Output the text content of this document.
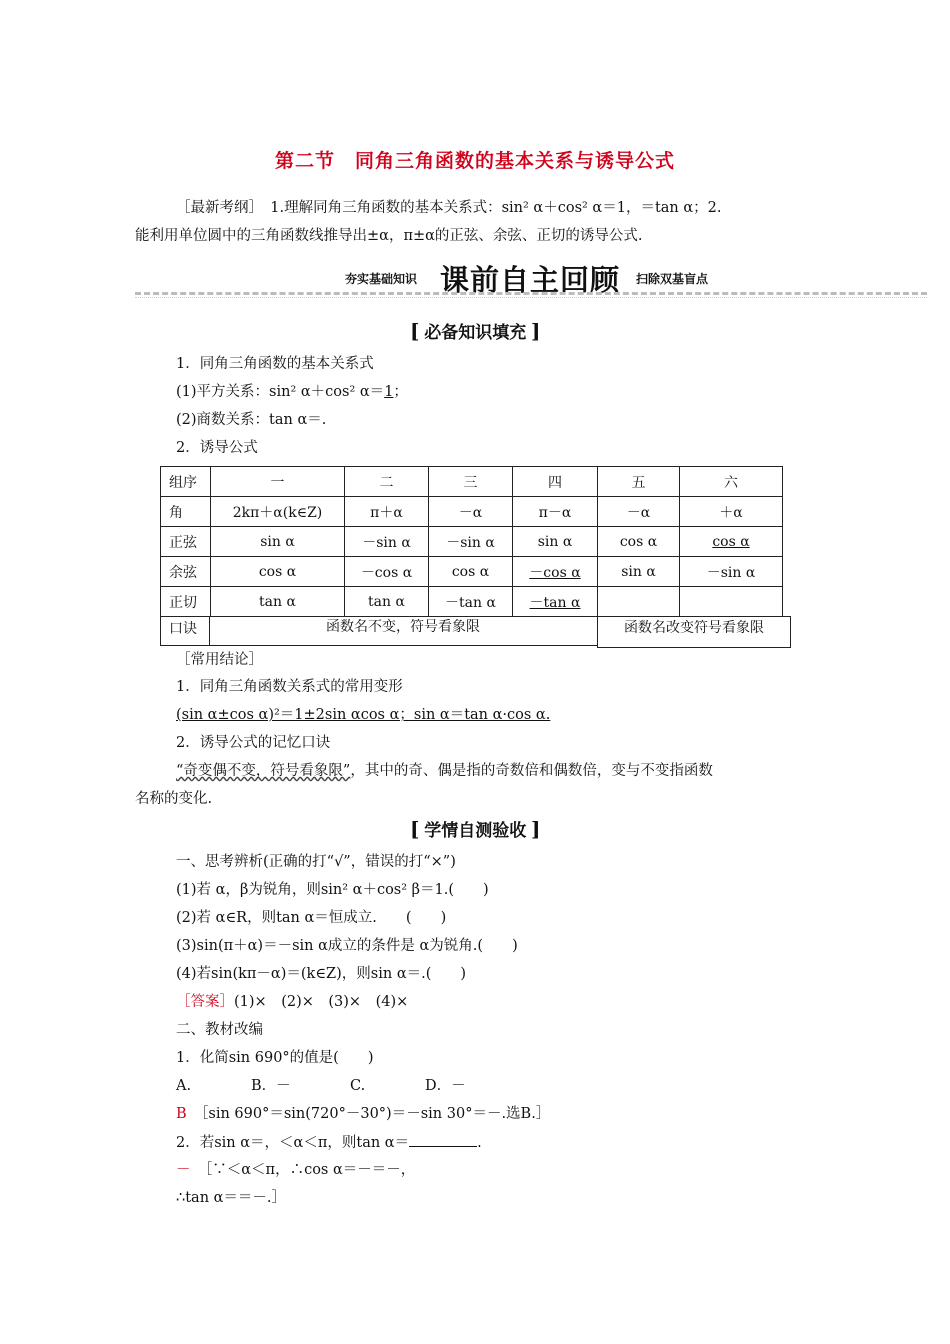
第二节　同角三角函数的基本关系与诱导公式
［最新考纲］　1.理解同角三角函数的基本关系式：sin² α＋cos² α＝1，＝tan α；2.
能利用单位圆中的三角函数线推导出±α，π±α的正弦、余弦、正切的诱导公式.
夯实基础知识 课前自主回顾 扫除双基盲点
[ 必备知识填充 ]
1．同角三角函数的基本关系式
(1)平方关系：sin² α＋cos² α＝1；
(2)商数关系：tan α＝.
2．诱导公式
组序	一	二	三	四	五	六
角	2kπ＋α(k∈Z)	π＋α	－α	π－α	－α	＋α
正弦	sin α	－sin α	－sin α	sin α	cos α	cos α
余弦	cos α	－cos α	cos α	－cos α	sin α	－sin α
正切	tan α	tan α	－tan α	－tan α		
口诀	函数名不变，符号看象限	函数名改变符号看象限
［常用结论］
1．同角三角函数关系式的常用变形
(sin α±cos α)²＝1±2sin αcos α；sin α＝tan α·cos α.
2．诱导公式的记忆口诀
“奇变偶不变，符号看象限”，其中的奇、偶是指的奇数倍和偶数倍，变与不变指函数
名称的变化.
[ 学情自测验收 ]
一、思考辨析(正确的打“√”，错误的打“×”)
(1)若 α，β为锐角，则sin² α＋cos² β＝1.(　　)
(2)若 α∈R，则tan α＝恒成立.　　(　　)
(3)sin(π＋α)＝－sin α成立的条件是 α为锐角.(　　)
(4)若sin(kπ－α)＝(k∈Z)，则sin α＝.(　　)
［答案］(1)×　(2)×　(3)×　(4)×
二、教材改编
1．化简sin 690°的值是(　　)
A.	B．－	C.	D．－
B　 ［sin 690°＝sin(720°－30°)＝－sin 30°＝－.选B.］
2．若sin α＝，＜α＜π，则tan α＝	.
－　 ［∵＜α＜π，∴cos α＝－＝－，
∴tan α＝＝－.］
